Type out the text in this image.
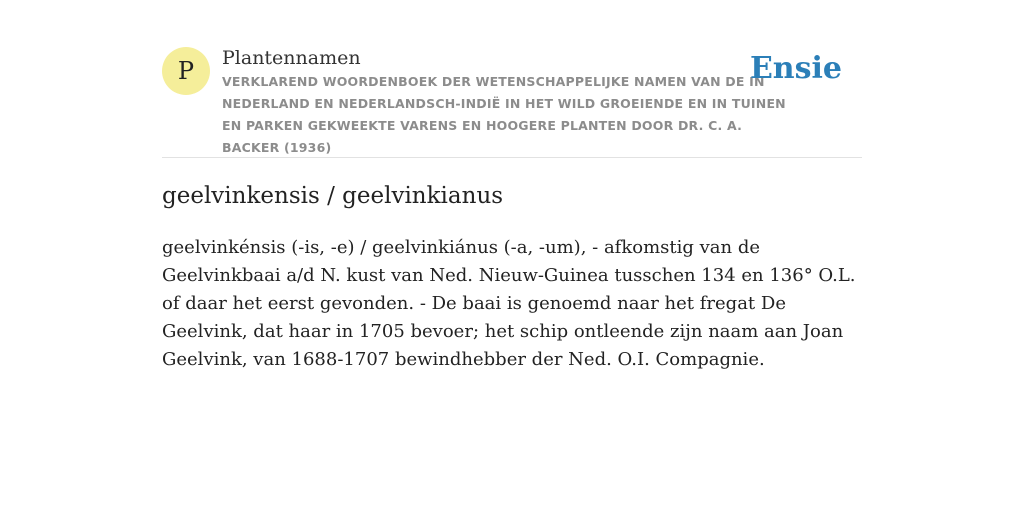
P Plantennamen
VERKLAREND WOORDENBOEK DER WETENSCHAPPELIJKE NAMEN VAN DE IN NEDERLAND EN NEDERLANDSCH-INDIË IN HET WILD GROEIENDE EN IN TUINEN EN PARKEN GEKWEEKTE VARENS EN HOOGERE PLANTEN DOOR DR. C. A. BACKER (1936)
Ensie
geelvinkensis / geelvinkianus

geelvinkénsis (-is, -e) / geelvinkiánus (-a, -um), - afkomstig van de Geelvinkbaai a/d N. kust van Ned. Nieuw-Guinea tusschen 134 en 136° O.L. of daar het eerst gevonden. - De baai is genoemd naar het fregat De Geelvink, dat haar in 1705 bevoer; het schip ontleende zijn naam aan Joan Geelvink, van 1688-1707 bewindhebber der Ned. O.I. Compagnie.
